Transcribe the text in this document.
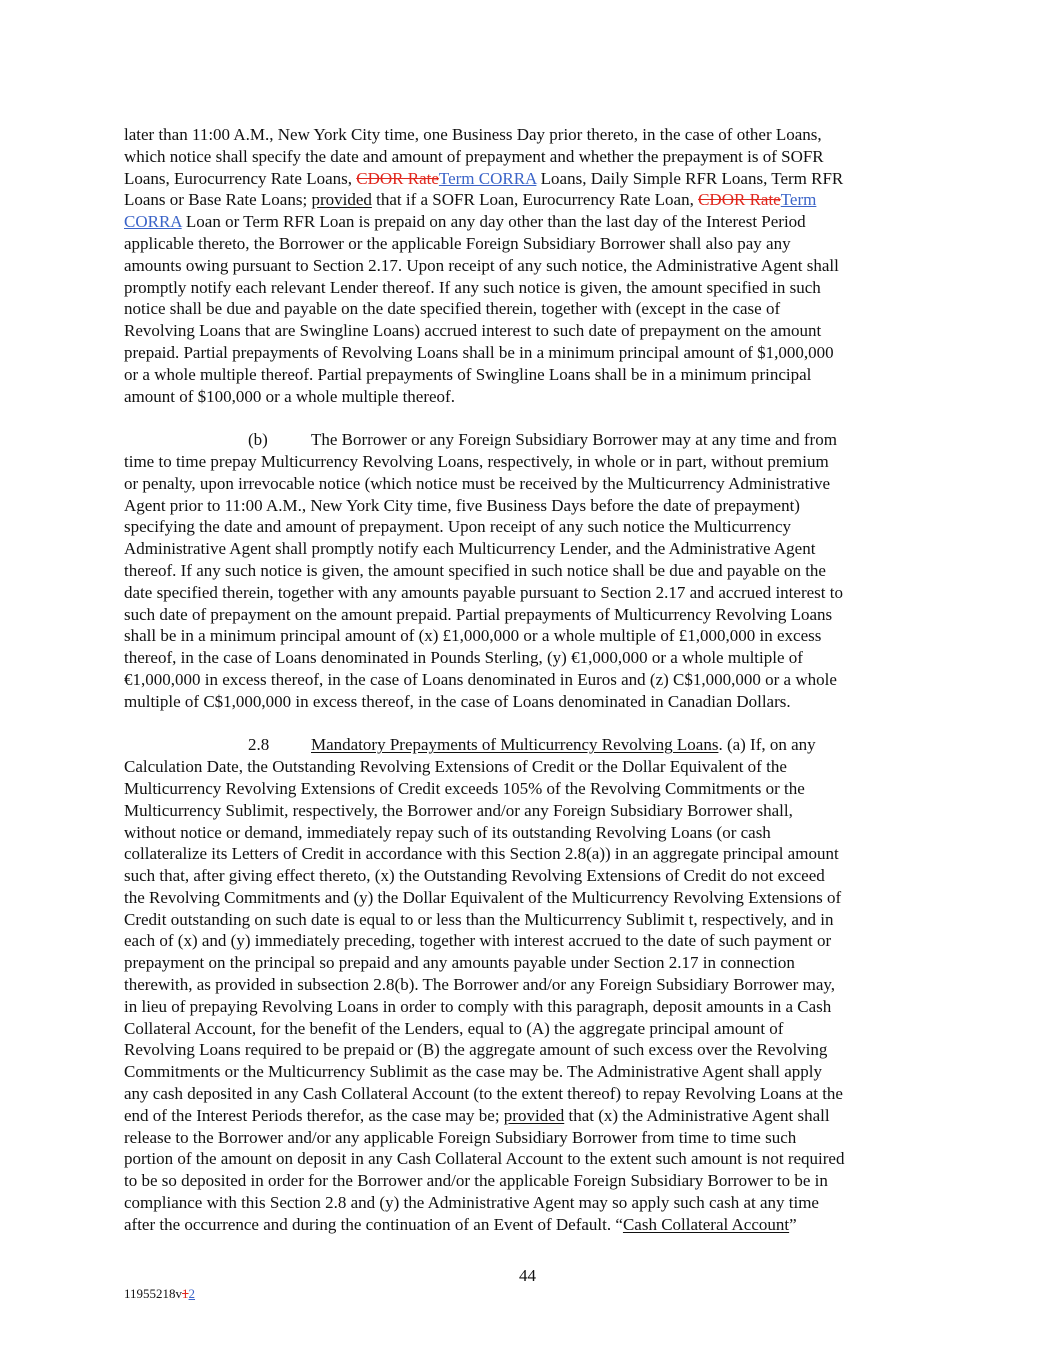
later than 11:00 A.M., New York City time, one Business Day prior thereto, in the case of other Loans,
which notice shall specify the date and amount of prepayment and whether the prepayment is of SOFR
Loans, Eurocurrency Rate Loans, CDOR RateTerm CORRA Loans, Daily Simple RFR Loans, Term RFR
Loans or Base Rate Loans; provided that if a SOFR Loan, Eurocurrency Rate Loan, CDOR RateTerm
CORRA Loan or Term RFR Loan is prepaid on any day other than the last day of the Interest Period
applicable thereto, the Borrower or the applicable Foreign Subsidiary Borrower shall also pay any
amounts owing pursuant to Section 2.17. Upon receipt of any such notice, the Administrative Agent shall
promptly notify each relevant Lender thereof. If any such notice is given, the amount specified in such
notice shall be due and payable on the date specified therein, together with (except in the case of
Revolving Loans that are Swingline Loans) accrued interest to such date of prepayment on the amount
prepaid. Partial prepayments of Revolving Loans shall be in a minimum principal amount of $1,000,000
or a whole multiple thereof. Partial prepayments of Swingline Loans shall be in a minimum principal
amount of $100,000 or a whole multiple thereof.
(b)	The Borrower or any Foreign Subsidiary Borrower may at any time and from
time to time prepay Multicurrency Revolving Loans, respectively, in whole or in part, without premium
or penalty, upon irrevocable notice (which notice must be received by the Multicurrency Administrative
Agent prior to 11:00 A.M., New York City time, five Business Days before the date of prepayment)
specifying the date and amount of prepayment. Upon receipt of any such notice the Multicurrency
Administrative Agent shall promptly notify each Multicurrency Lender, and the Administrative Agent
thereof. If any such notice is given, the amount specified in such notice shall be due and payable on the
date specified therein, together with any amounts payable pursuant to Section 2.17 and accrued interest to
such date of prepayment on the amount prepaid. Partial prepayments of Multicurrency Revolving Loans
shall be in a minimum principal amount of (x) £1,000,000 or a whole multiple of £1,000,000 in excess
thereof, in the case of Loans denominated in Pounds Sterling, (y) €1,000,000 or a whole multiple of
€1,000,000 in excess thereof, in the case of Loans denominated in Euros and (z) C$1,000,000 or a whole
multiple of C$1,000,000 in excess thereof, in the case of Loans denominated in Canadian Dollars.
2.8 Mandatory Prepayments of Multicurrency Revolving Loans. (a) If, on any
Calculation Date, the Outstanding Revolving Extensions of Credit or the Dollar Equivalent of the
Multicurrency Revolving Extensions of Credit exceeds 105% of the Revolving Commitments or the
Multicurrency Sublimit, respectively, the Borrower and/or any Foreign Subsidiary Borrower shall,
without notice or demand, immediately repay such of its outstanding Revolving Loans (or cash
collateralize its Letters of Credit in accordance with this Section 2.8(a)) in an aggregate principal amount
such that, after giving effect thereto, (x) the Outstanding Revolving Extensions of Credit do not exceed
the Revolving Commitments and (y) the Dollar Equivalent of the Multicurrency Revolving Extensions of
Credit outstanding on such date is equal to or less than the Multicurrency Sublimit t, respectively, and in
each of (x) and (y) immediately preceding, together with interest accrued to the date of such payment or
prepayment on the principal so prepaid and any amounts payable under Section 2.17 in connection
therewith, as provided in subsection 2.8(b). The Borrower and/or any Foreign Subsidiary Borrower may,
in lieu of prepaying Revolving Loans in order to comply with this paragraph, deposit amounts in a Cash
Collateral Account, for the benefit of the Lenders, equal to (A) the aggregate principal amount of
Revolving Loans required to be prepaid or (B) the aggregate amount of such excess over the Revolving
Commitments or the Multicurrency Sublimit as the case may be. The Administrative Agent shall apply
any cash deposited in any Cash Collateral Account (to the extent thereof) to repay Revolving Loans at the
end of the Interest Periods therefor, as the case may be; provided that (x) the Administrative Agent shall
release to the Borrower and/or any applicable Foreign Subsidiary Borrower from time to time such
portion of the amount on deposit in any Cash Collateral Account to the extent such amount is not required
to be so deposited in order for the Borrower and/or the applicable Foreign Subsidiary Borrower to be in
compliance with this Section 2.8 and (y) the Administrative Agent may so apply such cash at any time
after the occurrence and during the continuation of an Event of Default. “Cash Collateral Account”
44
11955218v12
